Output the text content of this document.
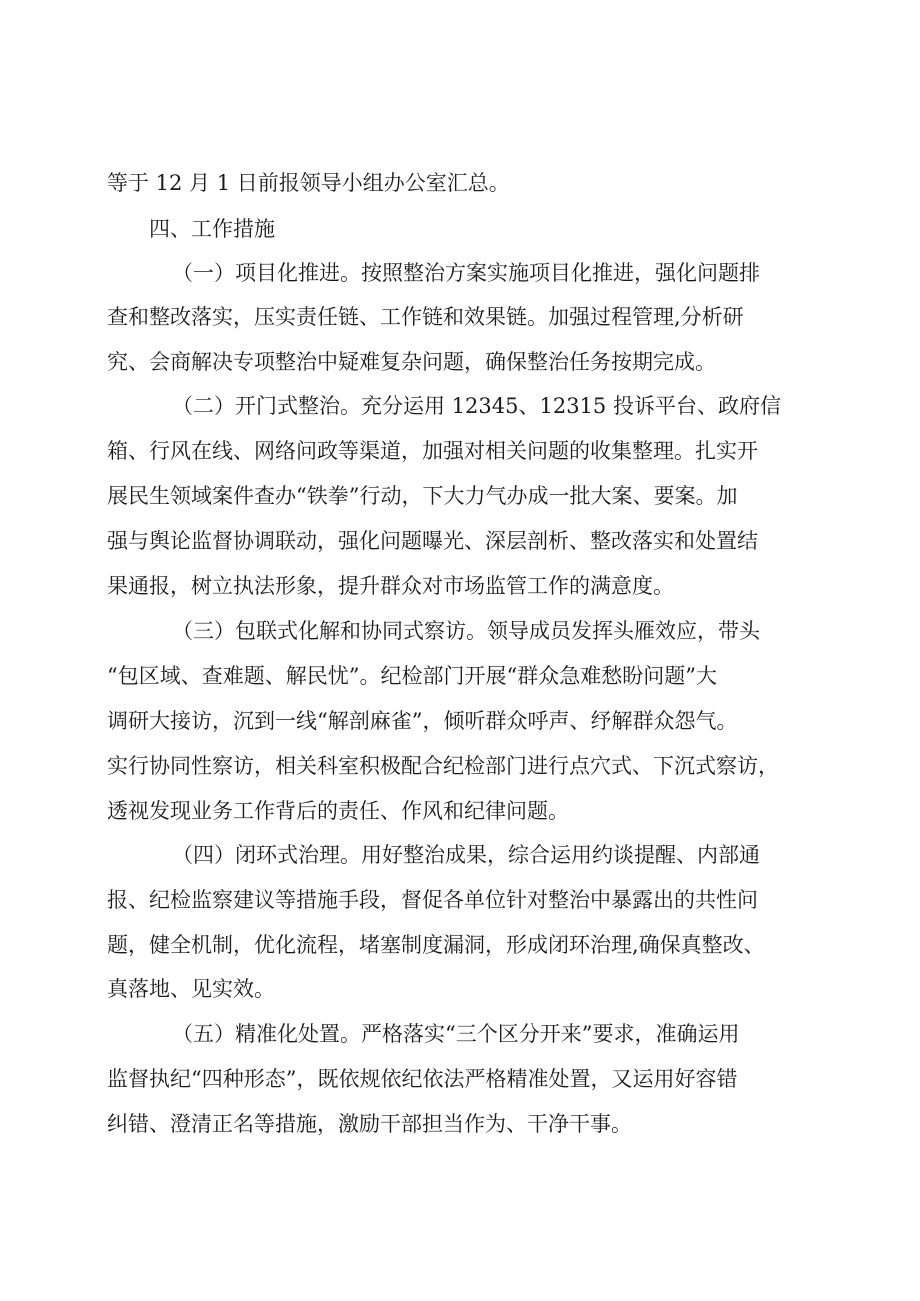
等于 12 月 1 日前报领导小组办公室汇总。
四、工作措施
（一）项目化推进。按照整治方案实施项目化推进，强化问题排
查和整改落实，压实责任链、工作链和效果链。加强过程管理,分析研
究、会商解决专项整治中疑难复杂问题，确保整治任务按期完成。
（二）开门式整治。充分运用 12345、12315 投诉平台、政府信
箱、行风在线、网络问政等渠道，加强对相关问题的收集整理。扎实开
展民生领域案件查办“铁拳”行动，下大力气办成一批大案、要案。加
强与舆论监督协调联动，强化问题曝光、深层剖析、整改落实和处置结
果通报，树立执法形象，提升群众对市场监管工作的满意度。
（三）包联式化解和协同式察访。领导成员发挥头雁效应，带头
“包区域、查难题、解民忧”。纪检部门开展“群众急难愁盼问题”大
调研大接访，沉到一线“解剖麻雀”，倾听群众呼声、纾解群众怨气。
实行协同性察访，相关科室积极配合纪检部门进行点穴式、下沉式察访，
透视发现业务工作背后的责任、作风和纪律问题。
（四）闭环式治理。用好整治成果，综合运用约谈提醒、内部通
报、纪检监察建议等措施手段，督促各单位针对整治中暴露出的共性问
题，健全机制，优化流程，堵塞制度漏洞，形成闭环治理,确保真整改、
真落地、见实效。
（五）精准化处置。严格落实“三个区分开来”要求，准确运用
监督执纪“四种形态”，既依规依纪依法严格精准处置，又运用好容错
纠错、澄清正名等措施，激励干部担当作为、干净干事。
